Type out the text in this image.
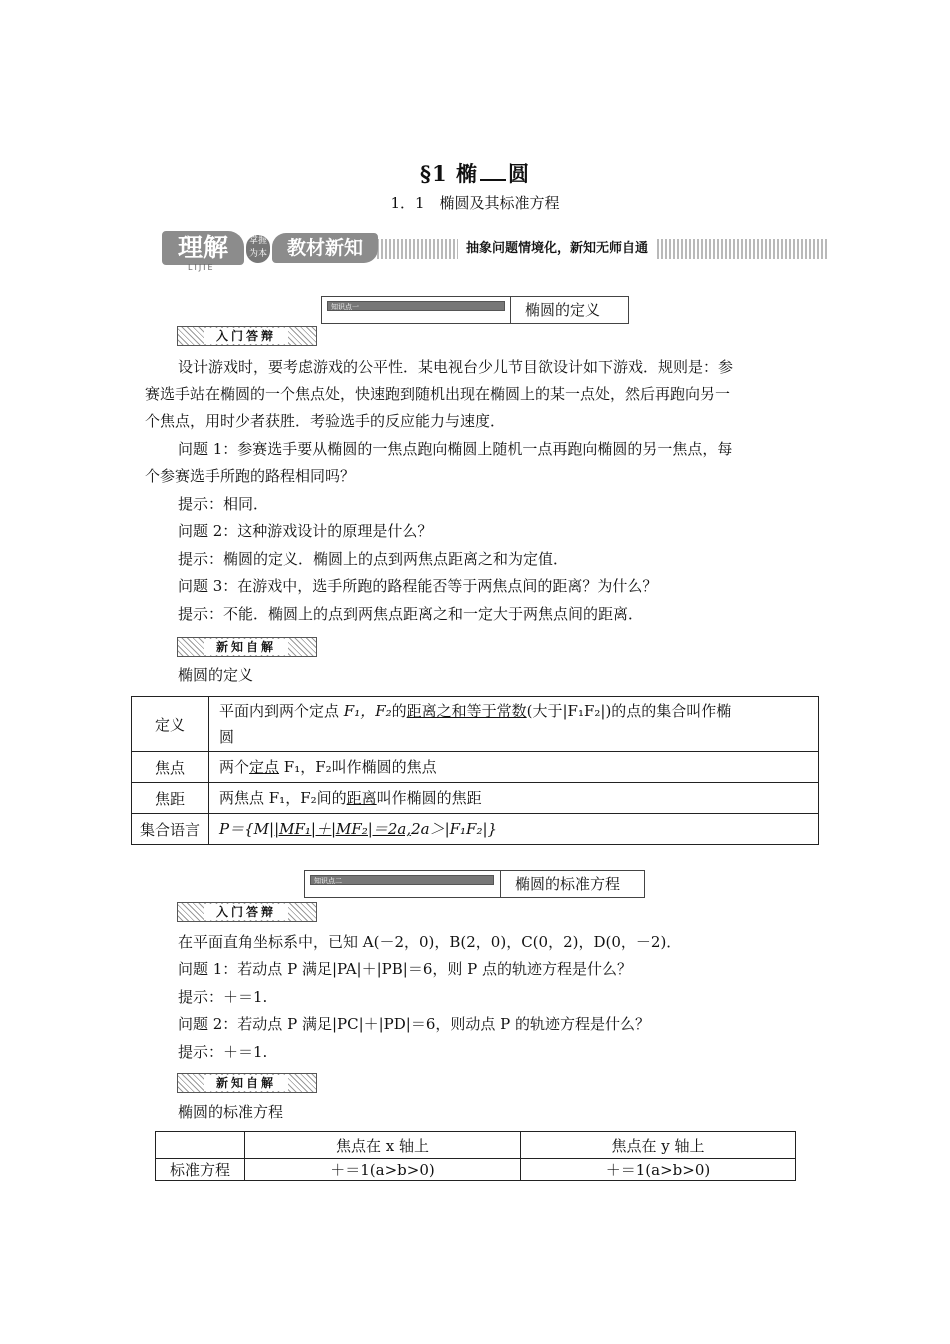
§1 椭 圆
1．1　椭圆及其标准方程
理解	掌握 为本	教材新知
LIJIE
抽象问题情境化，新知无师自通
知识点一	椭圆的定义
入门答辩
设计游戏时，要考虑游戏的公平性．某电视台少儿节目欲设计如下游戏．规则是：参
赛选手站在椭圆的一个焦点处，快速跑到随机出现在椭圆上的某一点处，然后再跑向另一
个焦点，用时少者获胜．考验选手的反应能力与速度．
问题 1：参赛选手要从椭圆的一焦点跑向椭圆上随机一点再跑向椭圆的另一焦点，每
个参赛选手所跑的路程相同吗？
提示：相同．
问题 2：这种游戏设计的原理是什么？
提示：椭圆的定义．椭圆上的点到两焦点距离之和为定值．
问题 3：在游戏中，选手所跑的路程能否等于两焦点间的距离？为什么？
提示：不能．椭圆上的点到两焦点距离之和一定大于两焦点间的距离．
新知自解
椭圆的定义
定义	平面内到两个定点 F₁，F₂的距离之和等于常数(大于|F₁F₂|)的点的集合叫作椭
圆
焦点	两个定点 F₁，F₂叫作椭圆的焦点
焦距	两焦点 F₁，F₂间的距离叫作椭圆的焦距
集合语言	P＝{M||MF₁|＋|MF₂|＝2a,2a＞|F₁F₂|}
知识点二	椭圆的标准方程
入门答辩
在平面直角坐标系中，已知 A(－2，0)，B(2，0)，C(0，2)，D(0，－2)．
问题 1：若动点 P 满足|PA|＋|PB|＝6，则 P 点的轨迹方程是什么？
提示：＋＝1.
问题 2：若动点 P 满足|PC|＋|PD|＝6，则动点 P 的轨迹方程是什么？
提示：＋＝1.
新知自解
椭圆的标准方程
	焦点在 x 轴上	焦点在 y 轴上
标准方程	＋＝1(a>b>0)	＋＝1(a>b>0)
